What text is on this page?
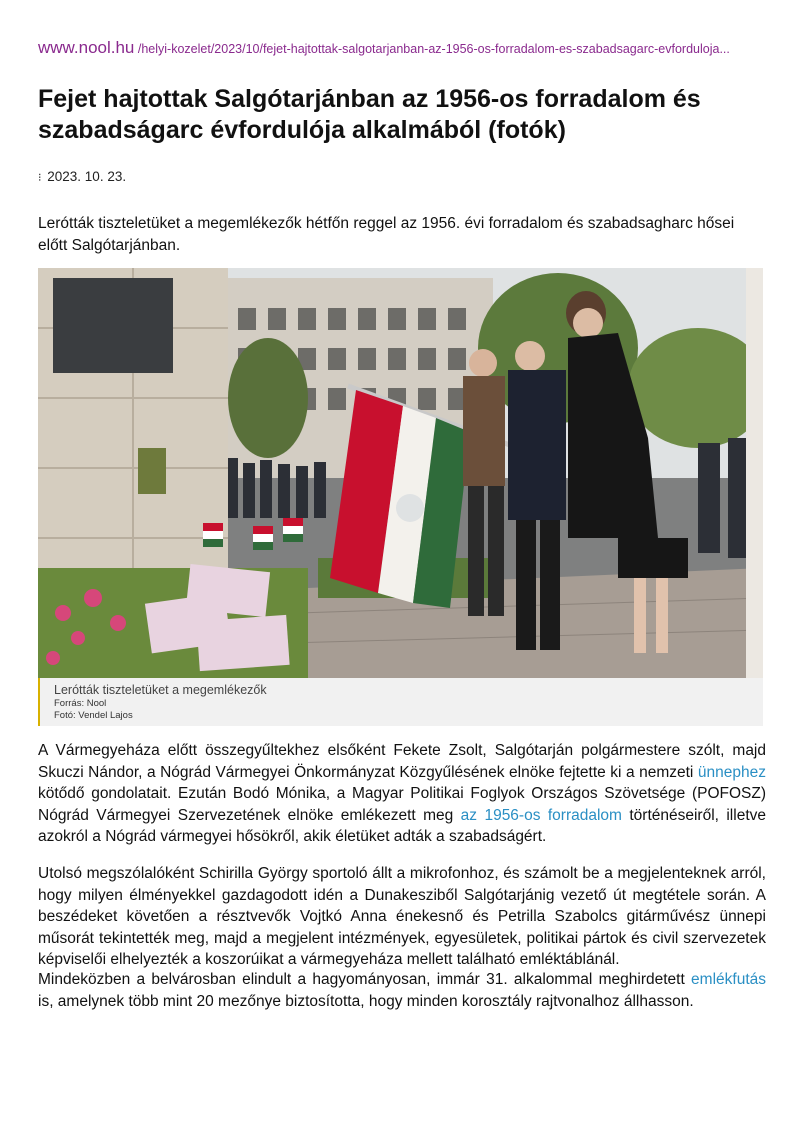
www.nool.hu /helyi-kozelet/2023/10/fejet-hajtottak-salgotarjanban-az-1956-os-forradalom-es-szabadsagarc-evforduloja...
Fejet hajtottak Salgótarjánban az 1956-os forradalom és szabadságarc évfordulója alkalmából (fotók)
⁝ 2023. 10. 23.

Lerótták tiszteletüket a megemlékezők hétfőn reggel az 1956. évi forradalom és szabadsagharc hősei előtt Salgótarjánban.

Lerótták tiszteletüket a megemlékezők
Forrás: Nool
Fotó: Vendel Lajos

A Vármegyeháza előtt összegyűltekhez elsőként Fekete Zsolt, Salgótarján polgármestere szólt, majd Skuczi Nándor, a Nógrád Vármegyei Önkormányzat Közgyűlésének elnöke fejtette ki a nemzeti ünnephez kötődő gondolatait. Ezután Bodó Mónika, a Magyar Politikai Foglyok Országos Szövetsége (POFOSZ) Nógrád Vármegyei Szervezetének elnöke emlékezett meg az 1956-os forradalom történéseiről, illetve azokról a Nógrád vármegyei hősökről, akik életüket adták a szabadságért.

Utolsó megszólalóként Schirilla György sportoló állt a mikrofonhoz, és számolt be a megjelenteknek arról, hogy milyen élményekkel gazdagodott idén a Dunakesziből Salgótarjánig vezető út megtétele során. A beszédeket követően a résztvevők Vojtkó Anna énekesnő és Petrilla Szabolcs gitárművész ünnepi műsorát tekintették meg, majd a megjelent intézmények, egyesületek, politikai pártok és civil szervezetek képviselői elhelyezték a koszorúikat a vármegyeháza mellett található emléktáblánál.

Mindeközben a belvárosban elindult a hagyományosan, immár 31. alkalommal meghirdetett emlékfutás is, amelynek több mint 20 mezőnye biztosította, hogy minden korosztály rajtvonalhoz állhasson.
